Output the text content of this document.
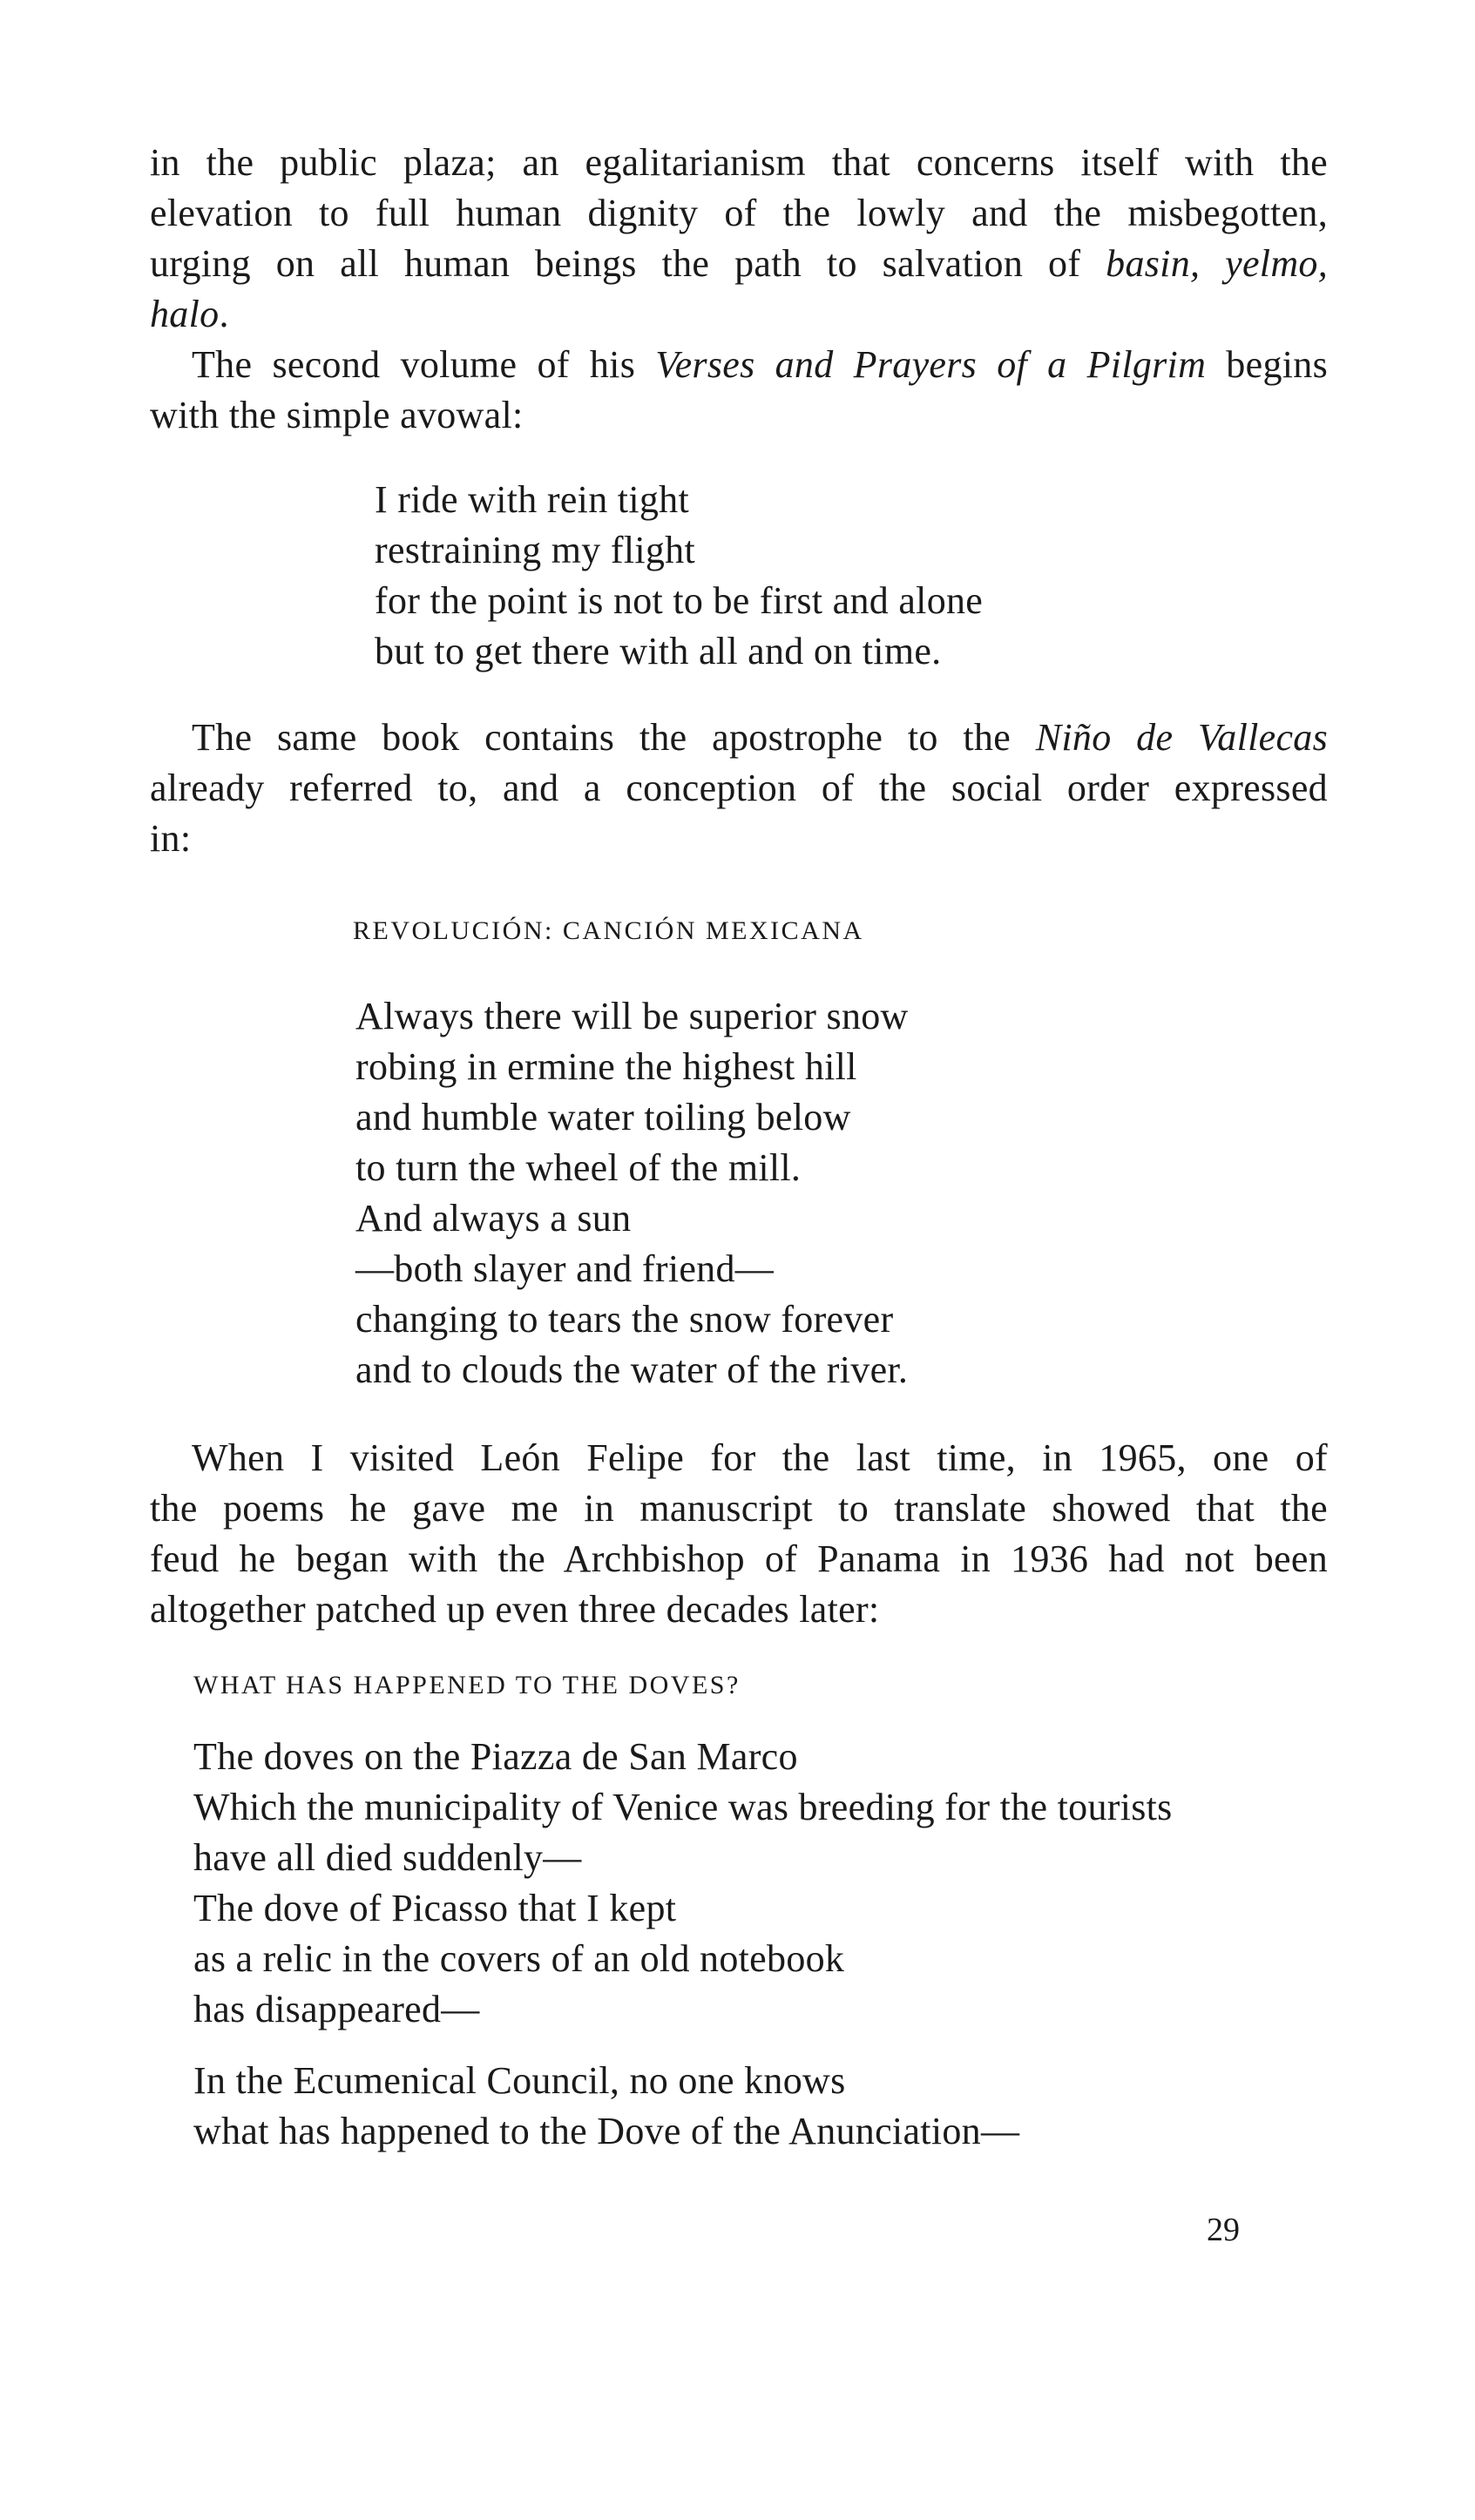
in the public plaza; an egalitarianism that concerns itself with the
elevation to full human dignity of the lowly and the misbegotten,
urging on all human beings the path to salvation of basin, yelmo,
halo.
The second volume of his Verses and Prayers of a Pilgrim begins
with the simple avowal:
I ride with rein tight
restraining my flight
for the point is not to be first and alone
but to get there with all and on time.
The same book contains the apostrophe to the Niño de Vallecas
already referred to, and a conception of the social order expressed
in:
REVOLUCIÓN: CANCIÓN MEXICANA
Always there will be superior snow
robing in ermine the highest hill
and humble water toiling below
to turn the wheel of the mill.
And always a sun
—both slayer and friend—
changing to tears the snow forever
and to clouds the water of the river.
When I visited León Felipe for the last time, in 1965, one of
the poems he gave me in manuscript to translate showed that the
feud he began with the Archbishop of Panama in 1936 had not been
altogether patched up even three decades later:
WHAT HAS HAPPENED TO THE DOVES?
The doves on the Piazza de San Marco
Which the municipality of Venice was breeding for the tourists
have all died suddenly—
The dove of Picasso that I kept
as a relic in the covers of an old notebook
has disappeared—
In the Ecumenical Council, no one knows
what has happened to the Dove of the Anunciation—
29
